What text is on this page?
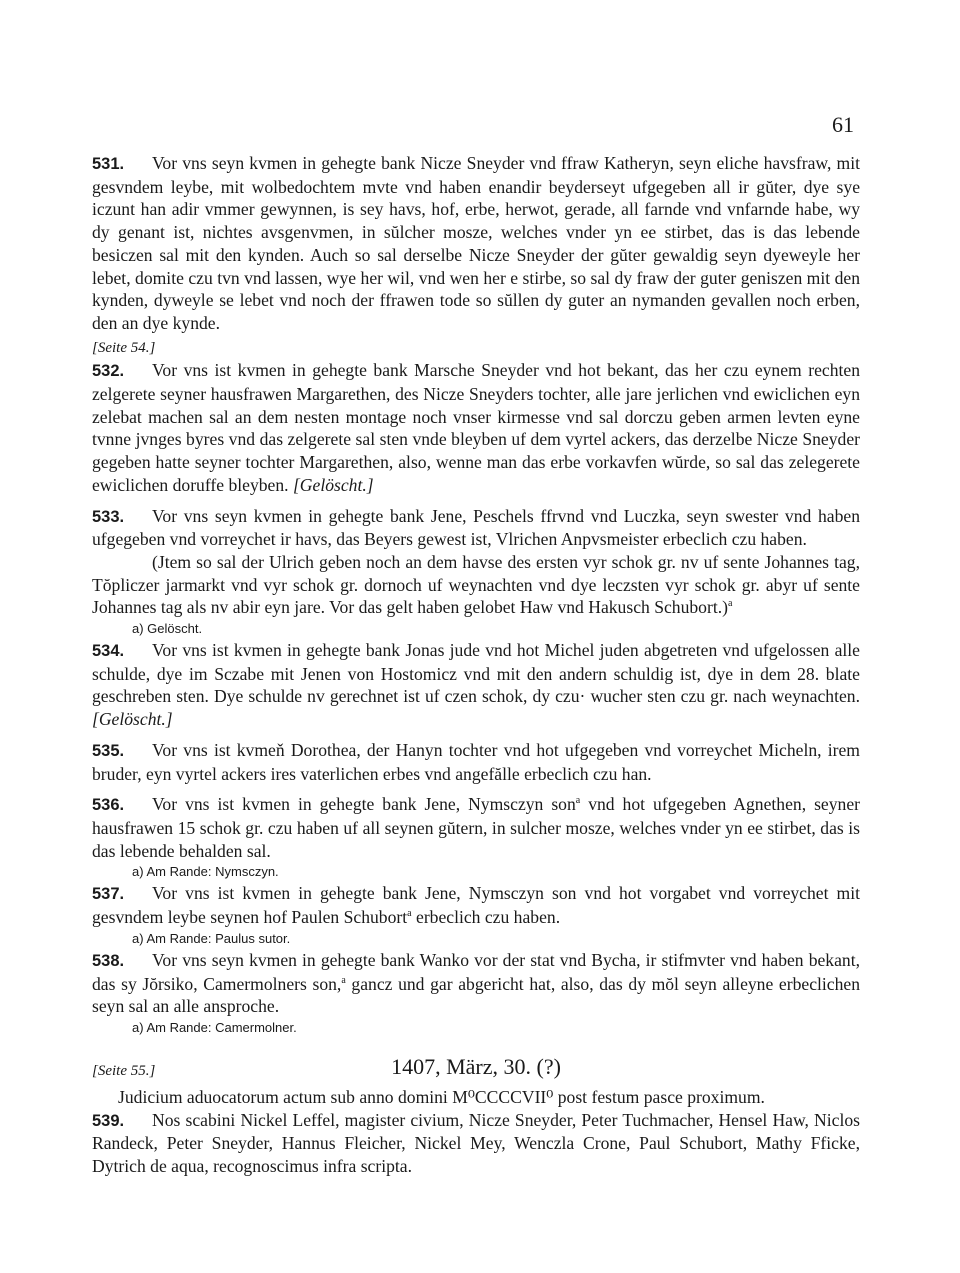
61

531. Vor vns seyn kvmen in gehegte bank Nicze Sneyder vnd ffraw Katheryn, seyn eliche havsfraw, mit gesvndem leybe, mit wolbedochtem mvte vnd haben enandir beyderseyt ufgegeben all ir gŭter, dye sye iczunt han adir vmmer gewynnen, is sey havs, hof, erbe, herwot, gerade, all farnde vnd vnfarnde habe, wy dy genant ist, nichtes avsgenvmen, in sŭlcher mosze, welches vnder yn ee stirbet, das is das lebende besiczen sal mit den kynden. Auch so sal derselbe Nicze Sneyder der gŭter gewaldig seyn dyeweyle her lebet, domite czu tvn vnd lassen, wye her wil, vnd wen her e stirbe, so sal dy fraw der guter geniszen mit den kynden, dyweyle se lebet vnd noch der ffrawen tode so sŭllen dy guter an nymanden gevallen noch erben, den an dye kynde.

[Seite 54.]

532. Vor vns ist kvmen in gehegte bank Marsche Sneyder vnd hot bekant, das her czu eynem rechten zelgerete seyner hausfrawen Margarethen, des Nicze Sneyders tochter, alle jare jerlichen vnd ewiclichen eyn zelebat machen sal an dem nesten montage noch vnser kirmesse vnd sal dorczu geben armen levten eyne tvnne jvnges byres vnd das zelgerete sal sten vnde bleyben uf dem vyrtel ackers, das derzelbe Nicze Sneyder gegeben hatte seyner tochter Margarethen, also, wenne man das erbe vorkavfen wŭrde, so sal das zelegerete ewiclichen doruffe bleyben. [Gelöscht.]

533. Vor vns seyn kvmen in gehegte bank Jene, Peschels ffrvnd vnd Luczka, seyn swester vnd haben ufgegeben vnd vorreychet ir havs, das Beyers gewest ist, Vlrichen Anpvsmeister erbeclich czu haben.

(Jtem so sal der Ulrich geben noch an dem havse des ersten vyr schok gr. nv uf sente Johannes tag, Tŏpliczer jarmarkt vnd vyr schok gr. dornoch uf weynachten vnd dye leczsten vyr schok gr. abyr uf sente Johannes tag als nv abir eyn jare. Vor das gelt haben gelobet Haw vnd Hakusch Schubort.)$^a$

a) Gelöscht.

534. Vor vns ist kvmen in gehegte bank Jonas jude vnd hot Michel juden abgetreten vnd ufgelossen alle schulde, dye im Sczabe mit Jenen von Hostomicz vnd mit den andern schuldig ist, dye in dem 28. blate geschreben sten. Dye schulde nv gerechnet ist uf czen schok, dy czu· wucher sten czu gr. nach weynachten. [Gelöscht.]

535. Vor vns ist kvmeň Dorothea, der Hanyn tochter vnd hot ufgegeben vnd vorreychet Micheln, irem bruder, eyn vyrtel ackers ires vaterlichen erbes vnd angefălle erbeclich czu han.

536. Vor vns ist kvmen in gehegte bank Jene, Nymsczyn son$^a$ vnd hot ufgegeben Agnethen, seyner hausfrawen 15 schok gr. czu haben uf all seynen gŭtern, in sulcher mosze, welches vnder yn ee stirbet, das is das lebende behalden sal.

a) Am Rande: Nymsczyn.

537. Vor vns ist kvmen in gehegte bank Jene, Nymsczyn son vnd hot vorgabet vnd vorreychet mit gesvndem leybe seynen hof Paulen Schubort$^a$ erbeclich czu haben.

a) Am Rande: Paulus sutor.

538. Vor vns seyn kvmen in gehegte bank Wanko vor der stat vnd Bycha, ir stifmvter vnd haben bekant, das sy Jŏrsiko, Camermolners son,$^a$ gancz und gar abgericht hat, also, das dy mŏl seyn alleyne erbeclichen seyn sal an alle ansproche.

a) Am Rande: Camermolner.

[Seite 55.]	1407, März, 30. (?)

Judicium aduocatorum actum sub anno domini M⁰CCCCVII⁰ post festum pasce proximum.

539. Nos scabini Nickel Leffel, magister civium, Nicze Sneyder, Peter Tuchmacher, Hensel Haw, Niclos Randeck, Peter Sneyder, Hannus Fleicher, Nickel Mey, Wenczla Crone, Paul Schubort, Mathy Fficke, Dytrich de aqua, recognoscimus infra scripta.
